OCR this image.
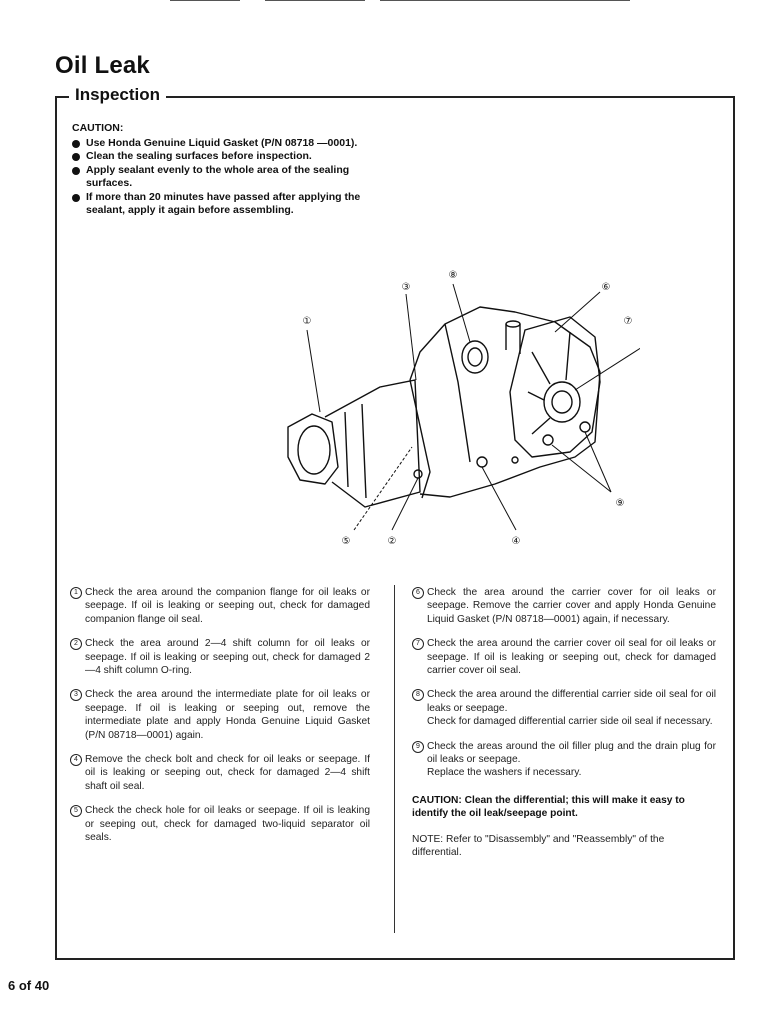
Oil Leak
Inspection
CAUTION:
Use Honda Genuine Liquid Gasket (P/N 08718 —0001).
Clean the sealing surfaces before inspection.
Apply sealant evenly to the whole area of the sealing surfaces.
If more than 20 minutes have passed after applying the sealant, apply it again before assembling.
①
②
③
④
⑤
⑥
⑦
⑧
⑨
1 Check the area around the companion flange for oil leaks or seepage. If oil is leaking or seeping out, check for damaged companion flange oil seal.

2 Check the area around 2—4 shift column for oil leaks or seepage. If oil is leaking or seeping out, check for damaged 2—4 shift column O-ring.

3 Check the area around the intermediate plate for oil leaks or seepage. If oil is leaking or seeping out, remove the intermediate plate and apply Honda Genuine Liquid Gasket (P/N 08718—0001) again.

4 Remove the check bolt and check for oil leaks or seepage. If oil is leaking or seeping out, check for damaged 2—4 shift shaft oil seal.

5 Check the check hole for oil leaks or seepage. If oil is leaking or seeping out, check for damaged two-liquid separator oil seals.

6 Check the area around the carrier cover for oil leaks or seepage. Remove the carrier cover and apply Honda Genuine Liquid Gasket (P/N 08718—0001) again, if necessary.

7 Check the area around the carrier cover oil seal for oil leaks or seepage. If oil is leaking or seeping out, check for damaged carrier cover oil seal.

8 Check the area around the differential carrier side oil seal for oil leaks or seepage.

Check for damaged differential carrier side oil seal if necessary.

9 Check the areas around the oil filler plug and the drain plug for oil leaks or seepage.

Replace the washers if necessary.

CAUTION: Clean the differential; this will make it easy to identify the oil leak/seepage point.

NOTE: Refer to "Disassembly" and "Reassembly" of the differential.

6 of 40
